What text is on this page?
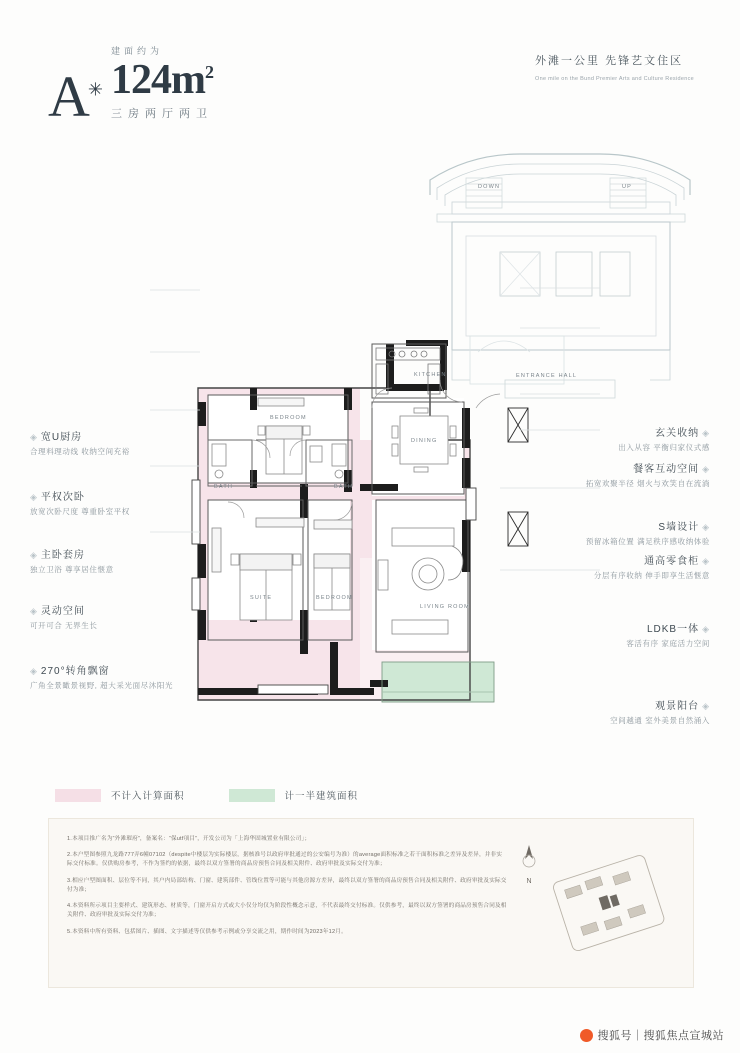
A✳
建面约为
$124m^2$
三房两厅两卫
外滩一公里 先锋艺文住区
One mile on the Bund Premier Arts and Culture Residence
ENTRANCE HALL
DOWN	UP
KITCHEN
DINING
BEDROOM
BATH	BATH
SUITE	BEDROOM
LIVING ROOM
◈ 宽U厨房
合理料理动线 收纳空间充裕
◈ 平权次卧
放宽次卧尺度 尊重卧室平权
◈ 主卧套房
独立卫浴 尊享居住惬意
◈ 灵动空间
可开可合 无界生长
◈ 270°转角飘窗
广角全景瞰景视野, 超大采光面尽沐阳光
玄关收纳 ◈
出入从容 平衡归家仪式感
餐客互动空间 ◈
拓宽欢聚半径 烟火与欢笑自在流淌
S墙设计 ◈
预留冰箱位置 满足秩序感收纳体验
通高零食柜 ◈
分层有序收纳 伸手即享生活惬意
LDKB一体 ◈
客活有序 家庭活力空间
观景阳台 ◈
空间越通 室外美景自然涌入
不计入计算面积	计一半建筑面积

1.本项目推广名为“外滩璀府”，备案名：“保utf项目”，开发公司为「上海华固城置业有限公司」；

2.本户型图参照九龙路777弄6幢07102（despite中楼层为实际楼层，据核准号以政府审批通过的公安编号为准）的average面积标准之若干面积标准之差异及差异，并非实际交付标准。仅供购房参考，不作为签约的依据，最终以双方签署的商品房预售合同及相关附件、政府审批及实际交付为准；

3.相应户型图面积、层位等不同，其户内局部结构、门窗、建筑部件、管线位置等可能与其他房源方差异，最终以双方签署的商品房预售合同及相关附件、政府审批及实际交付为准；

4.本资料所示项目主要样式、建筑形态、材质等，门窗开启方式或大小仅分均仅为阶段性概念示意，不代表最终交付标准。仅供参考，最终以双方签署的商品房预售合同及相关附件、政府审批及实际交付为准；

5.本资料中所有资料、包括图片、插图、文字描述等仅供参考示例或分享交流之用，期作时间为2023年12月。

N
搜狐号｜搜狐焦点宣城站
